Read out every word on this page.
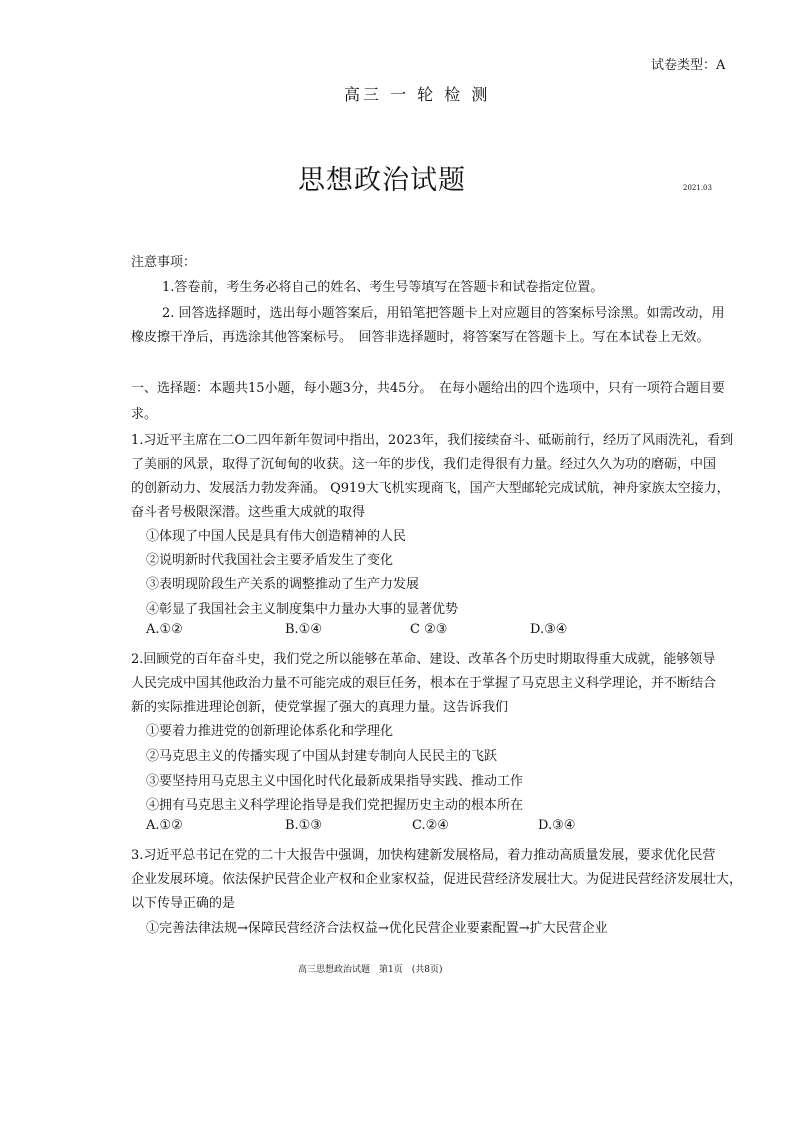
试卷类型：A
高三 一 轮 检 测
思想政治试题	2021.03
注意事项：
1.答卷前，考生务必将自己的姓名、考生号等填写在答题卡和试卷指定位置。
2. 回答选择题时，选出每小题答案后，用铅笔把答题卡上对应题目的答案标号涂黑。如需改动，用
橡皮擦干净后，再选涂其他答案标号。　回答非选择题时，将答案写在答题卡上。写在本试卷上无效。
一、选择题：本题共15小题，每小题3分，共45分。　在每小题给出的四个选项中，只有一项符合题目要
求。
1.习近平主席在二O二四年新年贺词中指出，2023年，我们接续奋斗、砥砺前行，经历了风雨洗礼，看到
了美丽的风景，取得了沉甸甸的收获。这一年的步伐，我们走得很有力量。经过久久为功的磨砺，中国
的创新动力、发展活力勃发奔涌。 Q919大飞机实现商飞，国产大型邮轮完成试航，神舟家族太空接力，
奋斗者号极限深潜。这些重大成就的取得
①体现了中国人民是具有伟大创造精神的人民
②说明新时代我国社会主要矛盾发生了变化
③表明现阶段生产关系的调整推动了生产力发展
④彰显了我国社会主义制度集中力量办大事的显著优势
A.①②	B.①④	C ②③	D.③④
2.回顾党的百年奋斗史，我们党之所以能够在革命、建设、改革各个历史时期取得重大成就，能够领导
人民完成中国其他政治力量不可能完成的艰巨任务，根本在于掌握了马克思主义科学理论，并不断结合
新的实际推进理论创新，使党掌握了强大的真理力量。这告诉我们
①要着力推进党的创新理论体系化和学理化
②马克思主义的传播实现了中国从封建专制向人民民主的飞跃
③要坚持用马克思主义中国化时代化最新成果指导实践、推动工作
④拥有马克思主义科学理论指导是我们党把握历史主动的根本所在
A.①②	B.①③	C.②④	D.③④
3.习近平总书记在党的二十大报告中强调，加快构建新发展格局，着力推动高质量发展，要求优化民营
企业发展环境。依法保护民营企业产权和企业家权益，促进民营经济发展壮大。为促进民营经济发展壮大，
以下传导正确的是
①完善法律法规→保障民营经济合法权益→优化民营企业要素配置→扩大民营企业
高三思想政治试题　第1页　(共8页)
